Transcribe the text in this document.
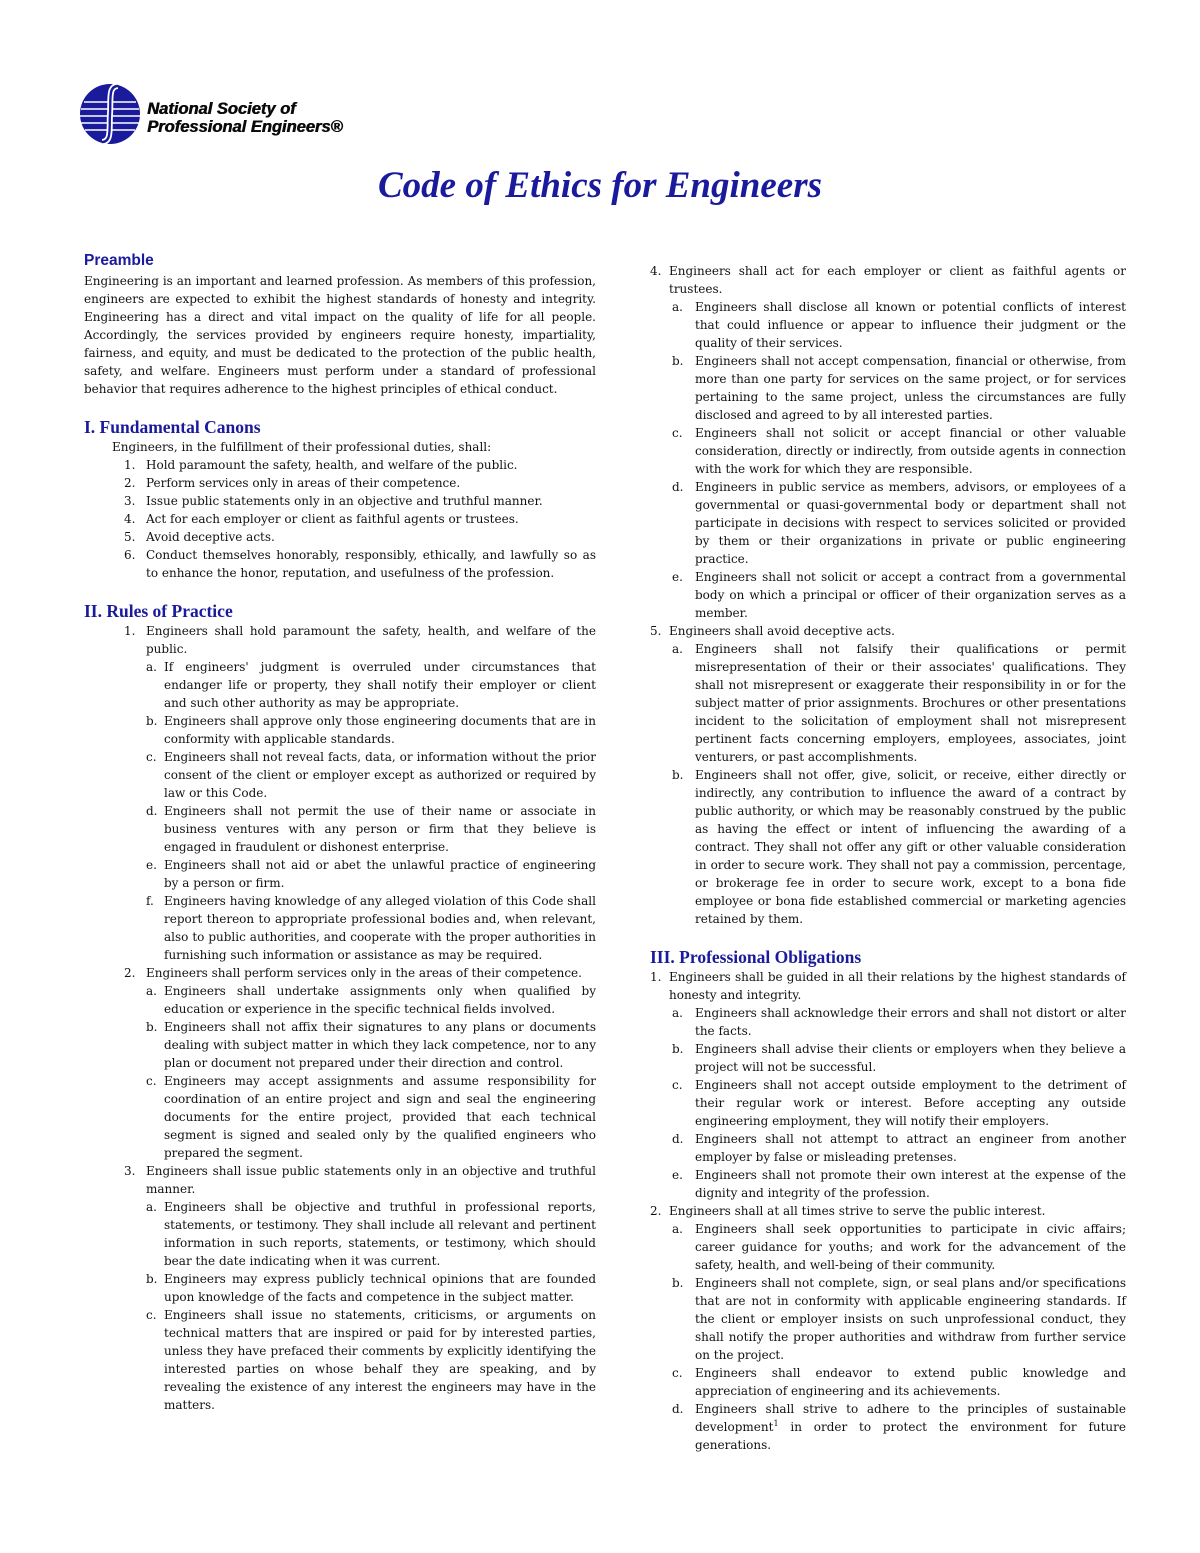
National Society of
Professional Engineers®
Code of Ethics for Engineers
Preamble
Engineering is an important and learned profession. As members of this profession, engineers are expected to exhibit the highest standards of honesty and integrity. Engineering has a direct and vital impact on the quality of life for all people. Accordingly, the services provided by engineers require honesty, impartiality, fairness, and equity, and must be dedicated to the protection of the public health, safety, and welfare. Engineers must perform under a standard of professional behavior that requires adherence to the highest principles of ethical conduct.
I. Fundamental Canons
Engineers, in the fulfillment of their professional duties, shall:
1. Hold paramount the safety, health, and welfare of the public.
2. Perform services only in areas of their competence.
3. Issue public statements only in an objective and truthful manner.
4. Act for each employer or client as faithful agents or trustees.
5. Avoid deceptive acts.
6. Conduct themselves honorably, responsibly, ethically, and lawfully so as to enhance the honor, reputation, and usefulness of the profession.
II. Rules of Practice
1. Engineers shall hold paramount the safety, health, and welfare of the public.
a. If engineers' judgment is overruled under circumstances that endanger life or property, they shall notify their employer or client and such other authority as may be appropriate.
b. Engineers shall approve only those engineering documents that are in conformity with applicable standards.
c. Engineers shall not reveal facts, data, or information without the prior consent of the client or employer except as authorized or required by law or this Code.
d. Engineers shall not permit the use of their name or associate in business ventures with any person or firm that they believe is engaged in fraudulent or dishonest enterprise.
e. Engineers shall not aid or abet the unlawful practice of engineering by a person or firm.
f. Engineers having knowledge of any alleged violation of this Code shall report thereon to appropriate professional bodies and, when relevant, also to public authorities, and cooperate with the proper authorities in furnishing such information or assistance as may be required.
2. Engineers shall perform services only in the areas of their competence.
a. Engineers shall undertake assignments only when qualified by education or experience in the specific technical fields involved.
b. Engineers shall not affix their signatures to any plans or documents dealing with subject matter in which they lack competence, nor to any plan or document not prepared under their direction and control.
c. Engineers may accept assignments and assume responsibility for coordination of an entire project and sign and seal the engineering documents for the entire project, provided that each technical segment is signed and sealed only by the qualified engineers who prepared the segment.
3. Engineers shall issue public statements only in an objective and truthful manner.
a. Engineers shall be objective and truthful in professional reports, statements, or testimony. They shall include all relevant and pertinent information in such reports, statements, or testimony, which should bear the date indicating when it was current.
b. Engineers may express publicly technical opinions that are founded upon knowledge of the facts and competence in the subject matter.
c. Engineers shall issue no statements, criticisms, or arguments on technical matters that are inspired or paid for by interested parties, unless they have prefaced their comments by explicitly identifying the interested parties on whose behalf they are speaking, and by revealing the existence of any interest the engineers may have in the matters.
4. Engineers shall act for each employer or client as faithful agents or trustees.
a. Engineers shall disclose all known or potential conflicts of interest that could influence or appear to influence their judgment or the quality of their services.
b. Engineers shall not accept compensation, financial or otherwise, from more than one party for services on the same project, or for services pertaining to the same project, unless the circumstances are fully disclosed and agreed to by all interested parties.
c. Engineers shall not solicit or accept financial or other valuable consideration, directly or indirectly, from outside agents in connection with the work for which they are responsible.
d. Engineers in public service as members, advisors, or employees of a governmental or quasi-governmental body or department shall not participate in decisions with respect to services solicited or provided by them or their organizations in private or public engineering practice.
e. Engineers shall not solicit or accept a contract from a governmental body on which a principal or officer of their organization serves as a member.
5. Engineers shall avoid deceptive acts.
a. Engineers shall not falsify their qualifications or permit misrepresentation of their or their associates' qualifications. They shall not misrepresent or exaggerate their responsibility in or for the subject matter of prior assignments. Brochures or other presentations incident to the solicitation of employment shall not misrepresent pertinent facts concerning employers, employees, associates, joint venturers, or past accomplishments.
b. Engineers shall not offer, give, solicit, or receive, either directly or indirectly, any contribution to influence the award of a contract by public authority, or which may be reasonably construed by the public as having the effect or intent of influencing the awarding of a contract. They shall not offer any gift or other valuable consideration in order to secure work. They shall not pay a commission, percentage, or brokerage fee in order to secure work, except to a bona fide employee or bona fide established commercial or marketing agencies retained by them.
III. Professional Obligations
1. Engineers shall be guided in all their relations by the highest standards of honesty and integrity.
a. Engineers shall acknowledge their errors and shall not distort or alter the facts.
b. Engineers shall advise their clients or employers when they believe a project will not be successful.
c. Engineers shall not accept outside employment to the detriment of their regular work or interest. Before accepting any outside engineering employment, they will notify their employers.
d. Engineers shall not attempt to attract an engineer from another employer by false or misleading pretenses.
e. Engineers shall not promote their own interest at the expense of the dignity and integrity of the profession.
2. Engineers shall at all times strive to serve the public interest.
a. Engineers shall seek opportunities to participate in civic affairs; career guidance for youths; and work for the advancement of the safety, health, and well-being of their community.
b. Engineers shall not complete, sign, or seal plans and/or specifications that are not in conformity with applicable engineering standards. If the client or employer insists on such unprofessional conduct, they shall notify the proper authorities and withdraw from further service on the project.
c. Engineers shall endeavor to extend public knowledge and appreciation of engineering and its achievements.
d. Engineers shall strive to adhere to the principles of sustainable development$^1$ in order to protect the environment for future generations.
